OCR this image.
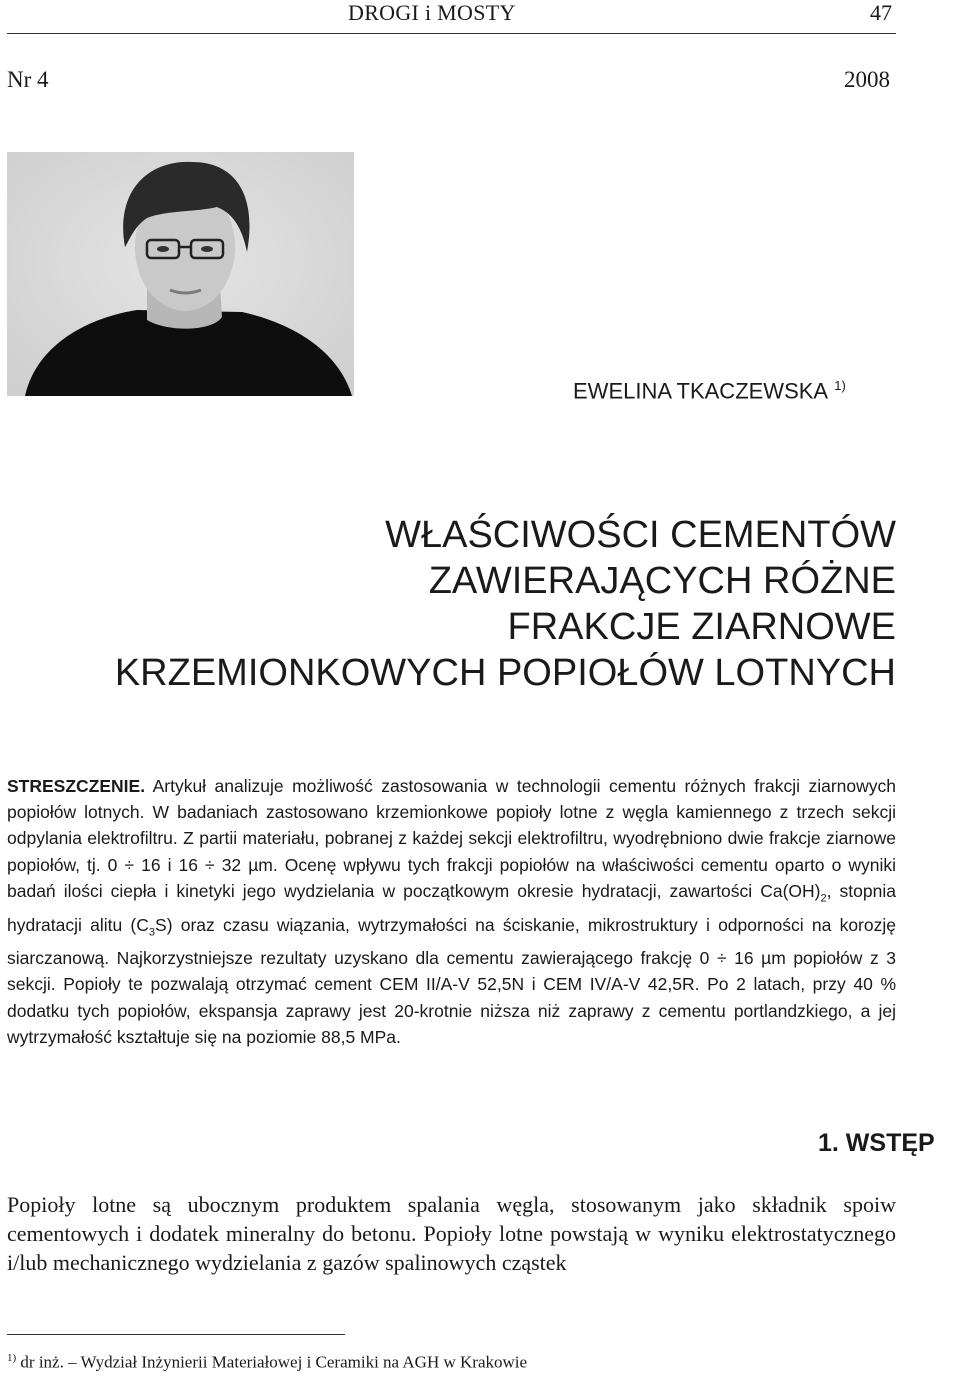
DROGI i MOSTY	47
Nr 4	2008
EWELINA TKACZEWSKA $^{1)}$
WŁAŚCIWOŚCI CEMENTÓW
ZAWIERAJĄCYCH RÓŻNE
FRAKCJE ZIARNOWE
KRZEMIONKOWYCH POPIOŁÓW LOTNYCH
STRESZCZENIE. Artykuł analizuje możliwość zastosowania w technologii cementu różnych frakcji ziarnowych popiołów lotnych. W badaniach zastosowano krzemionkowe popioły lotne z węgla kamiennego z trzech sekcji odpylania elektrofiltru. Z partii materiału, pobranej z każdej sekcji elektrofiltru, wyodrębniono dwie frakcje ziarnowe popiołów, tj. 0 ÷ 16 i 16 ÷ 32 µm. Ocenę wpływu tych frakcji popiołów na właściwości cementu oparto o wyniki badań ilości ciepła i kinetyki jego wydzielania w początkowym okresie hydratacji, zawartości $Ca(OH)_2$, stopnia hydratacji alitu $(C_3S)$ oraz czasu wiązania, wytrzymałości na ściskanie, mikrostruktury i odporności na korozję siarczanową. Najkorzystniejsze rezultaty uzyskano dla cementu zawierającego frakcję 0 ÷ 16 µm popiołów z 3 sekcji. Popioły te pozwalają otrzymać cement CEM II/A-V 52,5N i CEM IV/A-V 42,5R. Po 2 latach, przy 40 % dodatku tych popiołów, ekspansja zaprawy jest 20-krotnie niższa niż zaprawy z cementu portlandzkiego, a jej wytrzymałość kształtuje się na poziomie 88,5 MPa.
1. WSTĘP
Popioły lotne są ubocznym produktem spalania węgla, stosowanym jako składnik spoiw cementowych i dodatek mineralny do betonu. Popioły lotne powstają w wyniku elektrostatycznego i/lub mechanicznego wydzielania z gazów spalinowych cząstek
$^{1)}$ dr inż. – Wydział Inżynierii Materiałowej i Ceramiki na AGH w Krakowie
